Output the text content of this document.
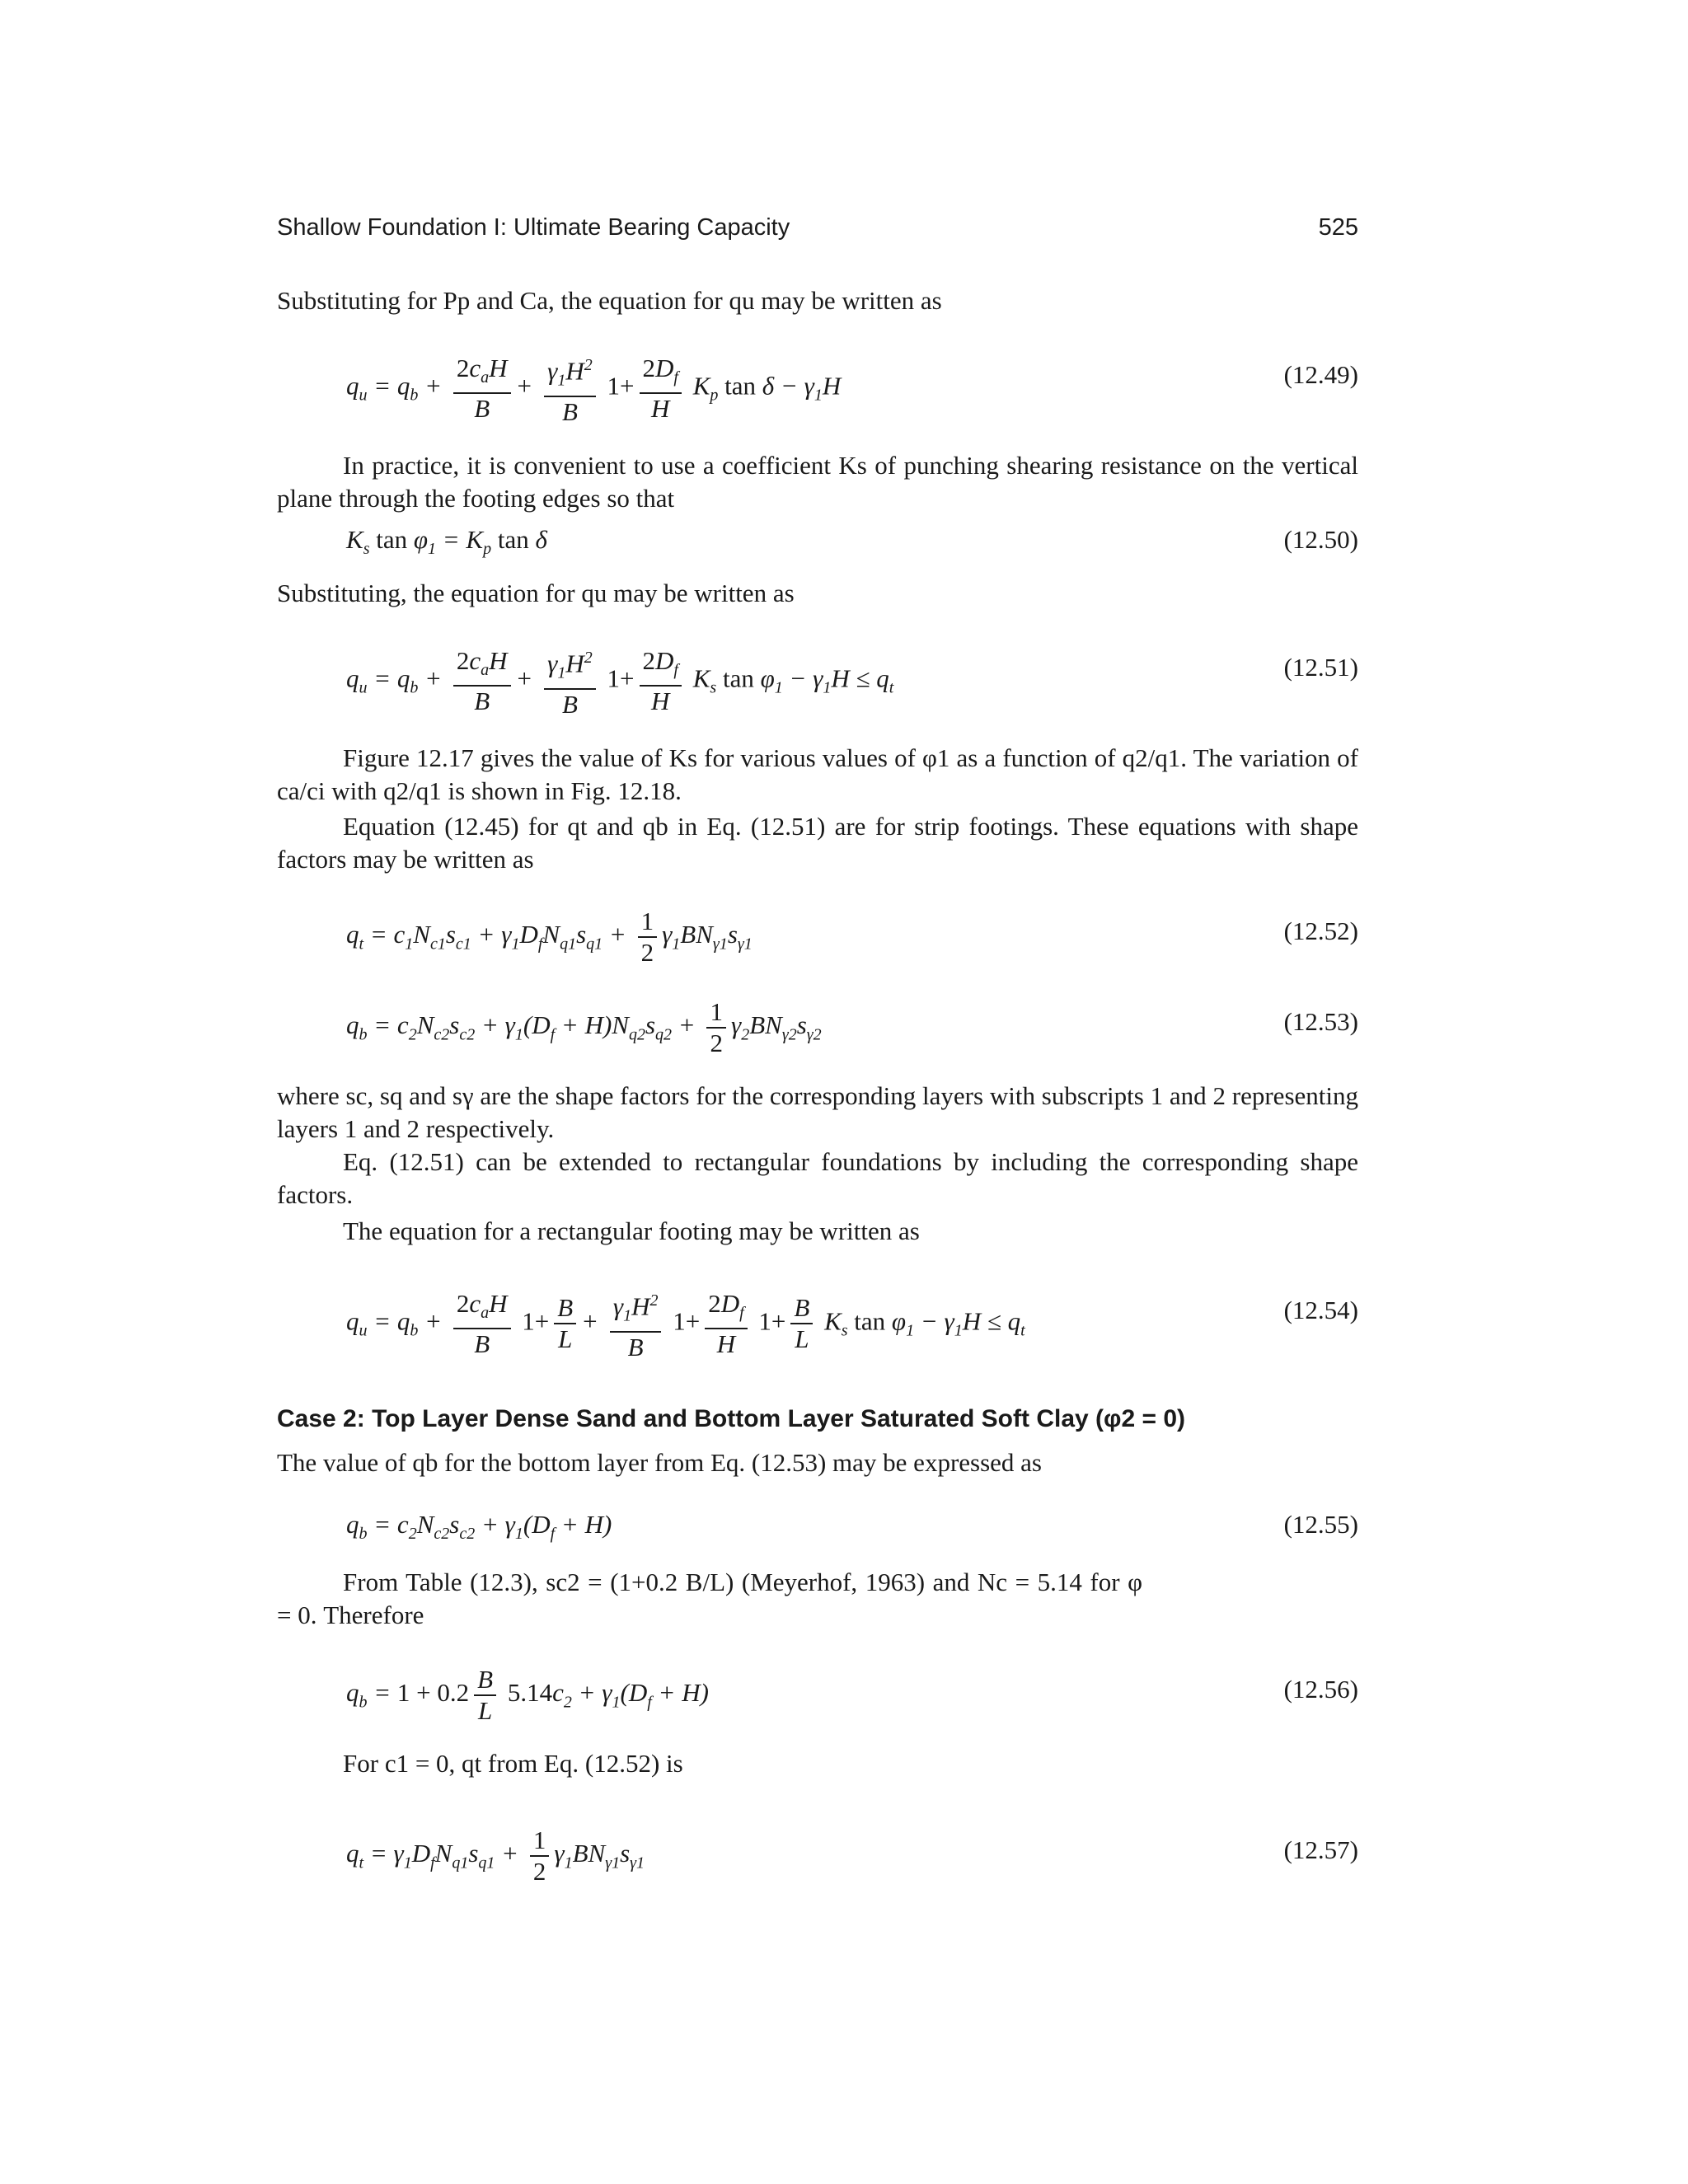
Shallow Foundation I: Ultimate Bearing Capacity	525
Substituting for Pp and Ca, the equation for qu may be written as
$q_u = q_b + \frac{2c_aH}{B} + \frac{\gamma_1H^2}{B} 1+ \frac{2D_f}{H} K_p$ $\tan \delta - \gamma_1H$	(12.49)
In practice, it is convenient to use a coefficient Ks of punching shearing resistance on the vertical plane through the footing edges so that
$K_s$ $\tan \varphi_1 = K_p$ tan δ	(12.50)
Substituting, the equation for qu may be written as
$q_u = q_b + \frac{2c_aH}{B} + \frac{\gamma_1H^2}{B} 1+ \frac{2D_f}{H} K_s$ $\tan \varphi_1 - \gamma_1H \le q_t$
(12.51)
Figure 12.17 gives the value of Ks for various values of φ1 as a function of q2/q1. The variation of ca/ci with q2/q1 is shown in Fig. 12.18.
Equation (12.45) for qt and qb in Eq. (12.51) are for strip footings. These equations with shape factors may be written as
$q_t = c_1N_{c1}s_{c1} + \gamma_1D_fN_{q1}s_{q1} + \frac{1}{2} \gamma_1BN_{\gamma 1}s_{\gamma 1}$	(12.52)
$q_b = c_2N_{c2}s_{c2} + \gamma_1(D_f + H)N_{q2}s_{q2} + \frac{1}{2} \gamma_2BN_{\gamma 2}s_{\gamma 2}$	(12.53)
where sc, sq and sγ are the shape factors for the corresponding layers with subscripts 1 and 2 representing layers 1 and 2 respectively.
Eq. (12.51) can be extended to rectangular foundations by including the corresponding shape factors.
The equation for a rectangular footing may be written as
$q_u = q_b + \frac{2c_aH}{B} 1+ \frac{B}{L} + \frac{\gamma_1H^2}{B} 1+ \frac{2D_f}{H} 1+ \frac{B}{L} K_s$ $\tan \varphi_1 - \gamma_1H \le q_t$
(12.54)
Case 2: Top Layer Dense Sand and Bottom Layer Saturated Soft Clay (φ2 = 0)
The value of qb for the bottom layer from Eq. (12.53) may be expressed as
$q_b = c_2N_{c2}s_{c2} + \gamma_1(D_f + H)$	(12.55)
From Table (12.3), sc2 = (1+0.2 B/L) (Meyerhof, 1963) and Nc = 5.14 for φ = 0. Therefore
$q_b = 1 + 0.2 \frac{B}{L} 5.14c_2 + \gamma_1(D_f + H)$	(12.56)
For c1 = 0, qt from Eq. (12.52) is
$q_t = \gamma_1D_fN_{q1}s_{q1} + \frac{1}{2} \gamma_1BN_{\gamma 1}s_{\gamma 1}$	(12.57)
